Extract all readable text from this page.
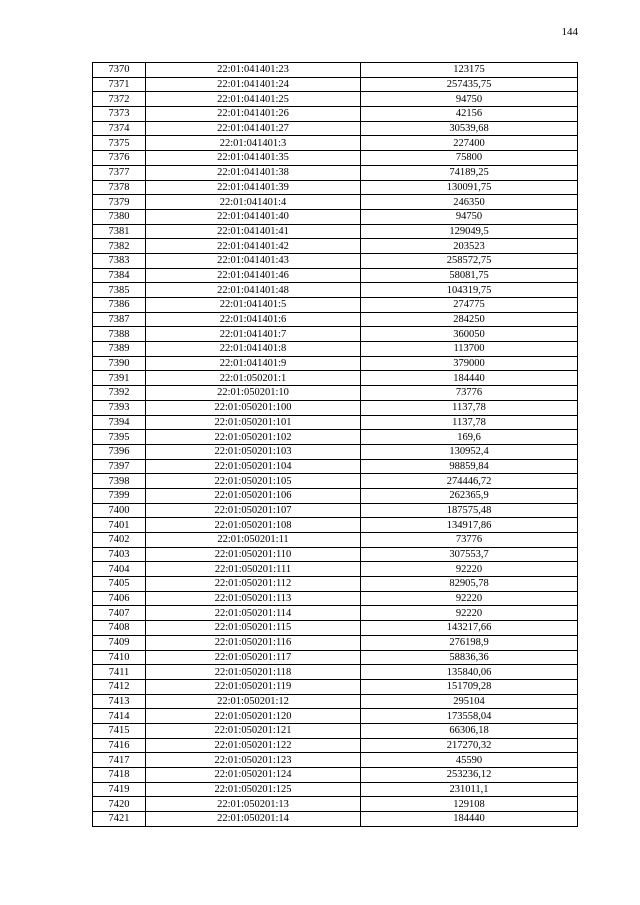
144
7370	22:01:041401:23	123175
7371	22:01:041401:24	257435,75
7372	22:01:041401:25	94750
7373	22:01:041401:26	42156
7374	22:01:041401:27	30539,68
7375	22:01:041401:3	227400
7376	22:01:041401:35	75800
7377	22:01:041401:38	74189,25
7378	22:01:041401:39	130091,75
7379	22:01:041401:4	246350
7380	22:01:041401:40	94750
7381	22:01:041401:41	129049,5
7382	22:01:041401:42	203523
7383	22:01:041401:43	258572,75
7384	22:01:041401:46	58081,75
7385	22:01:041401:48	104319,75
7386	22:01:041401:5	274775
7387	22:01:041401:6	284250
7388	22:01:041401:7	360050
7389	22:01:041401:8	113700
7390	22:01:041401:9	379000
7391	22:01:050201:1	184440
7392	22:01:050201:10	73776
7393	22:01:050201:100	1137,78
7394	22:01:050201:101	1137,78
7395	22:01:050201:102	169,6
7396	22:01:050201:103	130952,4
7397	22:01:050201:104	98859,84
7398	22:01:050201:105	274446,72
7399	22:01:050201:106	262365,9
7400	22:01:050201:107	187575,48
7401	22:01:050201:108	134917,86
7402	22:01:050201:11	73776
7403	22:01:050201:110	307553,7
7404	22:01:050201:111	92220
7405	22:01:050201:112	82905,78
7406	22:01:050201:113	92220
7407	22:01:050201:114	92220
7408	22:01:050201:115	143217,66
7409	22:01:050201:116	276198,9
7410	22:01:050201:117	58836,36
7411	22:01:050201:118	135840,06
7412	22:01:050201:119	151709,28
7413	22:01:050201:12	295104
7414	22:01:050201:120	173558,04
7415	22:01:050201:121	66306,18
7416	22:01:050201:122	217270,32
7417	22:01:050201:123	45590
7418	22:01:050201:124	253236,12
7419	22:01:050201:125	231011,1
7420	22:01:050201:13	129108
7421	22:01:050201:14	184440
